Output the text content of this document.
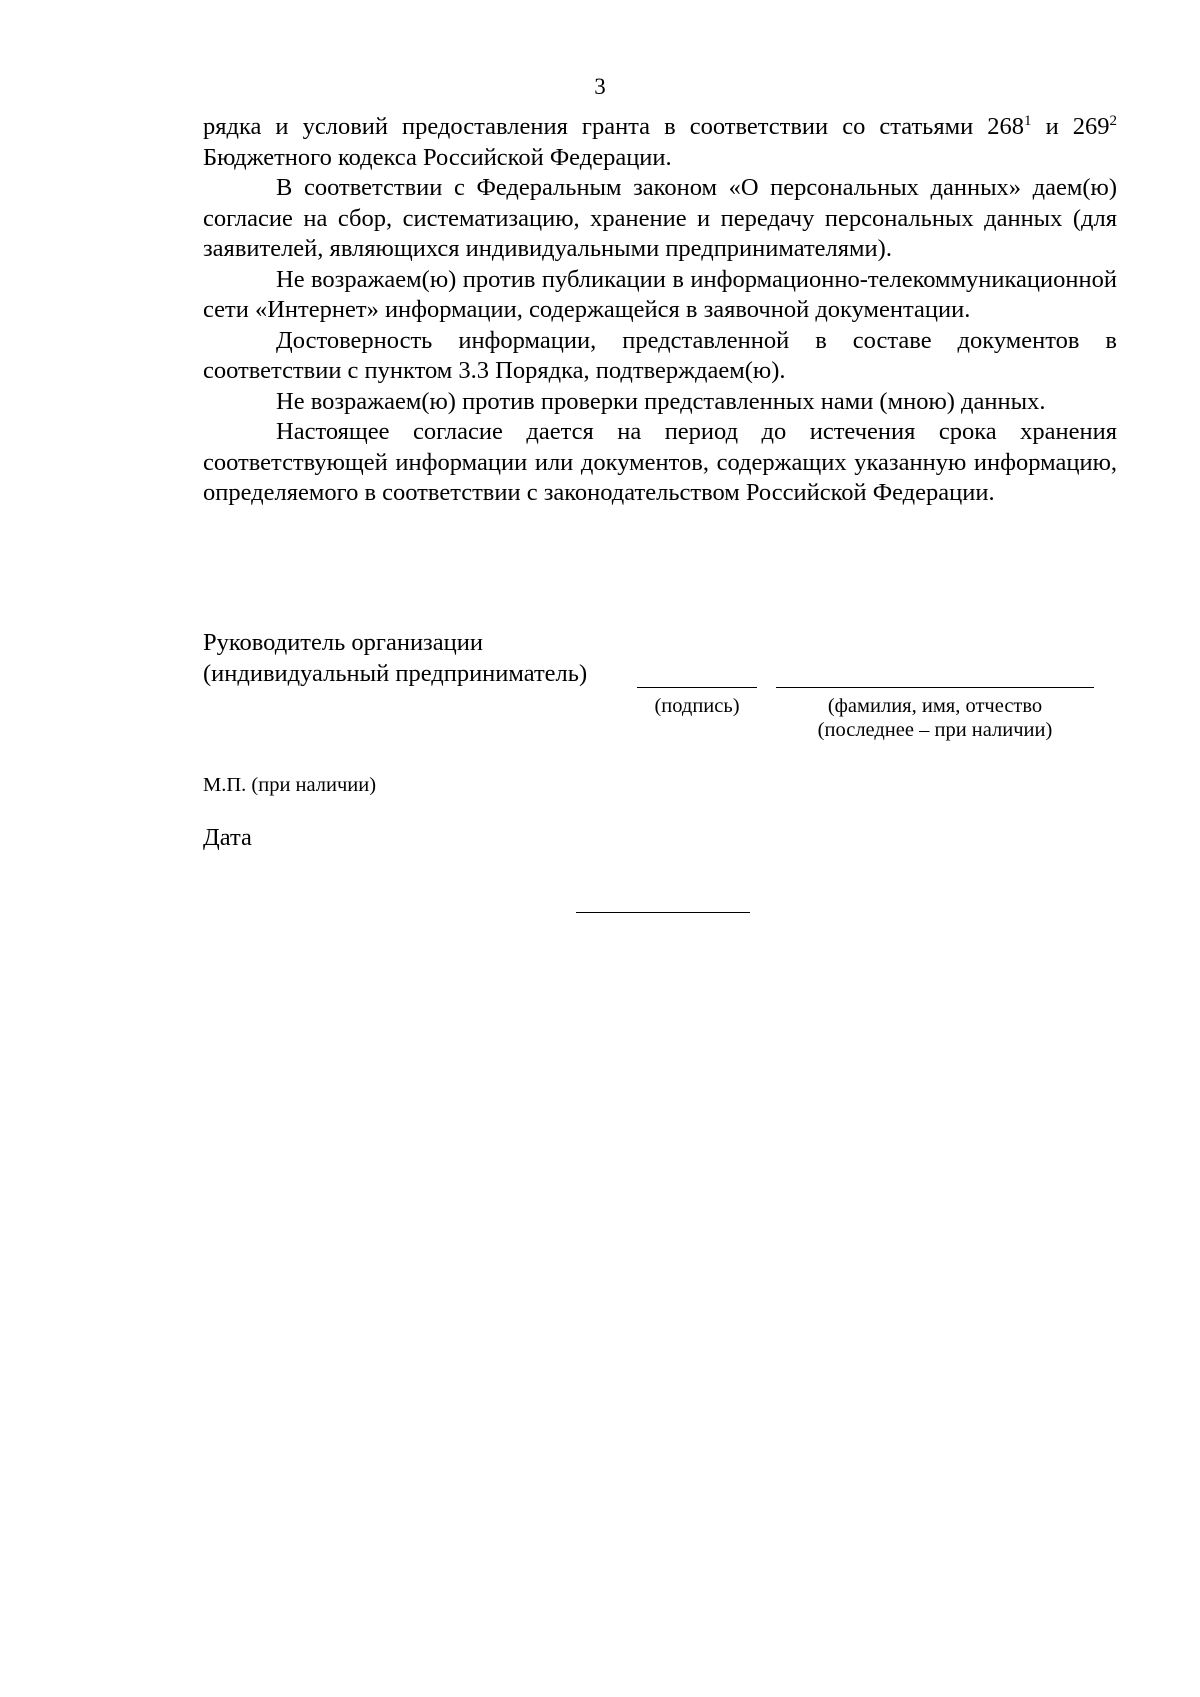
3

рядка и условий предоставления гранта в соответствии со статьями $268^1$ и $269^2$ Бюджетного кодекса Российской Федерации.

В соответствии с Федеральным законом «О персональных данных» даем(ю) согласие на сбор, систематизацию, хранение и передачу персональных данных (для заявителей, являющихся индивидуальными предпринимателями).

Не возражаем(ю) против публикации в информационно-телекоммуникационной сети «Интернет» информации, содержащейся в заявочной документации.

Достоверность информации, представленной в составе документов в соответствии с пунктом 3.3 Порядка, подтверждаем(ю).

Не возражаем(ю) против проверки представленных нами (мною) данных.

Настоящее согласие дается на период до истечения срока хранения соответствующей информации или документов, содержащих указанную информацию, определяемого в соответствии с законодательством Российской Федерации.

Руководитель организации
(индивидуальный предприниматель)
(подпись)	(фамилия, имя, отчество
(последнее – при наличии)
М.П. (при наличии)
Дата
